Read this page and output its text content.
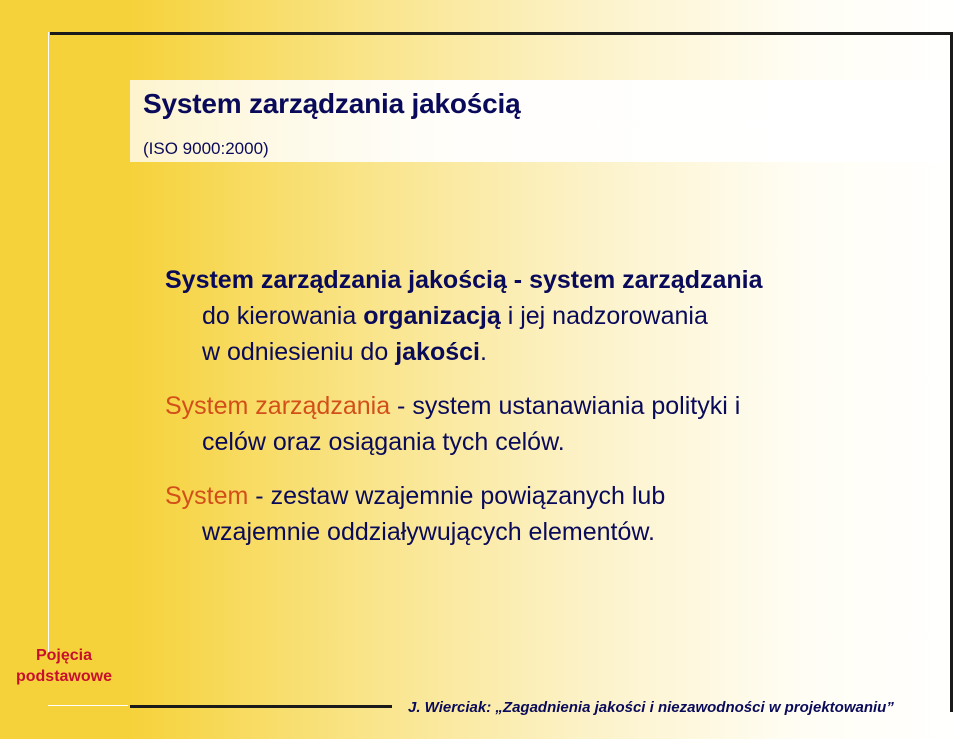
System zarządzania jakością

(ISO 9000:2000)

System zarządzania jakością - system zarządzania
do kierowania organizacją i jej nadzorowania
w odniesieniu do jakości.

System zarządzania - system ustanawiania polityki i
celów oraz osiągania tych celów.

System - zestaw wzajemnie powiązanych lub
wzajemnie oddziaływujących elementów.

Pojęcia
podstawowe

J. Wierciak: „Zagadnienia jakości i niezawodności w projektowaniu”
